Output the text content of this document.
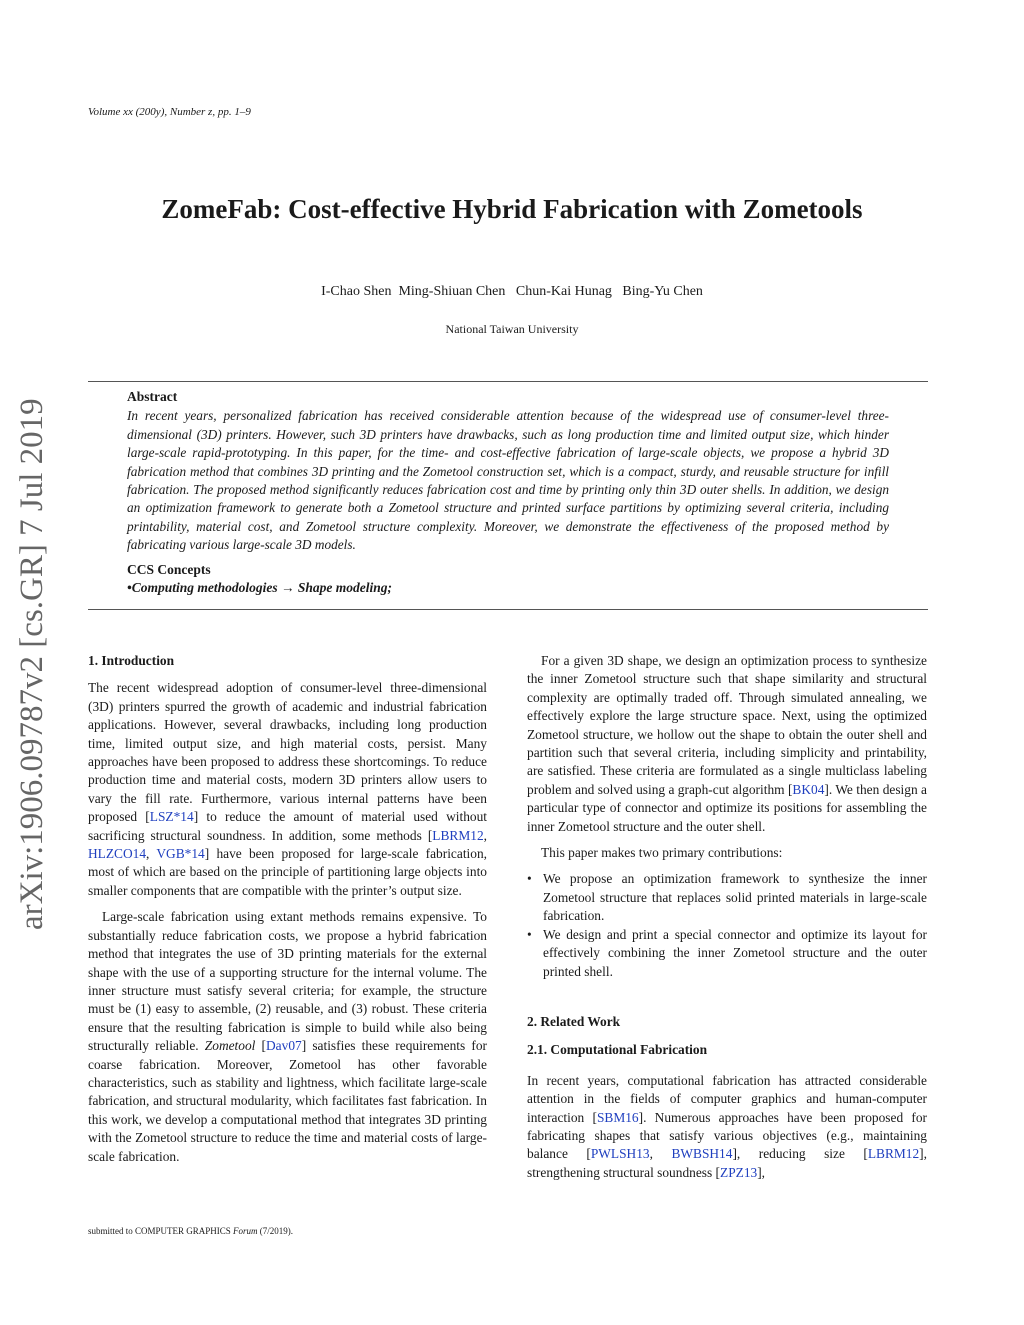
Volume xx (200y), Number z, pp. 1–9
ZomeFab: Cost-effective Hybrid Fabrication with Zometools
I-Chao Shen  Ming-Shiuan Chen   Chun-Kai Hunag   Bing-Yu Chen
National Taiwan University
arXiv:1906.09787v2 [cs.GR] 7 Jul 2019
Abstract

In recent years, personalized fabrication has received considerable attention because of the widespread use of consumer-level three-dimensional (3D) printers. However, such 3D printers have drawbacks, such as long production time and limited output size, which hinder large-scale rapid-prototyping. In this paper, for the time- and cost-effective fabrication of large-scale objects, we propose a hybrid 3D fabrication method that combines 3D printing and the Zometool construction set, which is a compact, sturdy, and reusable structure for infill fabrication. The proposed method significantly reduces fabrication cost and time by printing only thin 3D outer shells. In addition, we design an optimization framework to generate both a Zometool structure and printed surface partitions by optimizing several criteria, including printability, material cost, and Zometool structure complexity. Moreover, we demonstrate the effectiveness of the proposed method by fabricating various large-scale 3D models.

CCS Concepts
•Computing methodologies → Shape modeling;
1. Introduction

The recent widespread adoption of consumer-level three-dimensional (3D) printers spurred the growth of academic and industrial fabrication applications. However, several drawbacks, including long production time, limited output size, and high material costs, persist. Many approaches have been proposed to address these shortcomings. To reduce production time and material costs, modern 3D printers allow users to vary the fill rate. Furthermore, various internal patterns have been proposed [LSZ*14] to reduce the amount of material used without sacrificing structural soundness. In addition, some methods [LBRM12, HLZCO14, VGB*14] have been proposed for large-scale fabrication, most of which are based on the principle of partitioning large objects into smaller components that are compatible with the printer’s output size.

Large-scale fabrication using extant methods remains expensive. To substantially reduce fabrication costs, we propose a hybrid fabrication method that integrates the use of 3D printing materials for the external shape with the use of a supporting structure for the internal volume. The inner structure must satisfy several criteria; for example, the structure must be (1) easy to assemble, (2) reusable, and (3) robust. These criteria ensure that the resulting fabrication is simple to build while also being structurally reliable. Zometool [Dav07] satisfies these requirements for coarse fabrication. Moreover, Zometool has other favorable characteristics, such as stability and lightness, which facilitate large-scale fabrication, and structural modularity, which facilitates fast fabrication. In this work, we develop a computational method that integrates 3D printing with the Zometool structure to reduce the time and material costs of large-scale fabrication.

For a given 3D shape, we design an optimization process to synthesize the inner Zometool structure such that shape similarity and structural complexity are optimally traded off. Through simulated annealing, we effectively explore the large structure space. Next, using the optimized Zometool structure, we hollow out the shape to obtain the outer shell and partition such that several criteria, including simplicity and printability, are satisfied. These criteria are formulated as a single multiclass labeling problem and solved using a graph-cut algorithm [BK04]. We then design a particular type of connector and optimize its positions for assembling the inner Zometool structure and the outer shell.

This paper makes two primary contributions:

• We propose an optimization framework to synthesize the inner Zometool structure that replaces solid printed materials in large-scale fabrication.
• We design and print a special connector and optimize its layout for effectively combining the inner Zometool structure and the outer printed shell.
2. Related Work
2.1. Computational Fabrication

In recent years, computational fabrication has attracted considerable attention in the fields of computer graphics and human-computer interaction [SBM16]. Numerous approaches have been proposed for fabricating shapes that satisfy various objectives (e.g., maintaining balance [PWLSH13, BWBSH14], reducing size [LBRM12], strengthening structural soundness [ZPZ13],

submitted to COMPUTER GRAPHICS Forum (7/2019).
